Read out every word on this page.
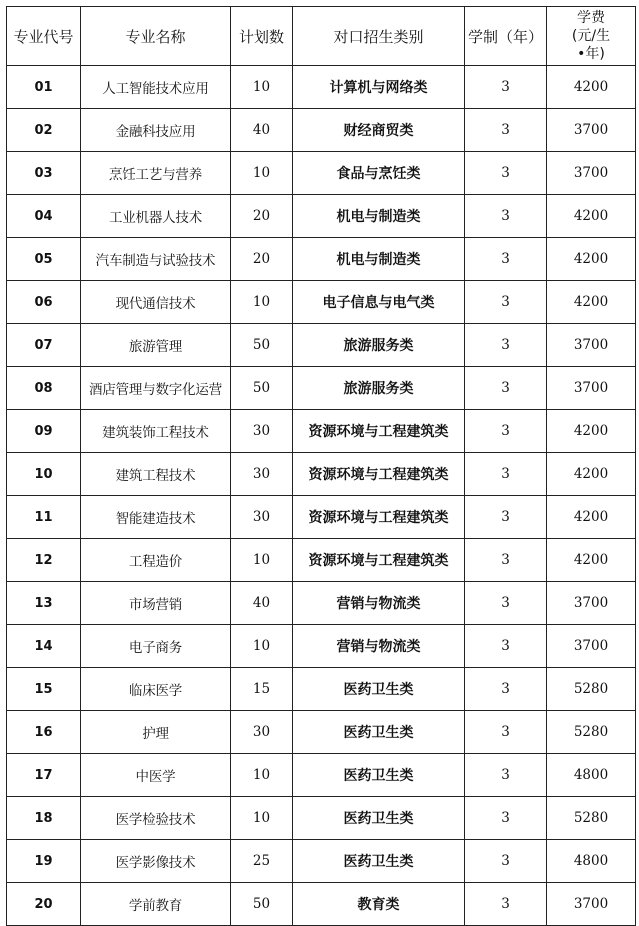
专业代号	专业名称	计划数	对口招生类别	学制（年）	学费
(元/生
•年)

01	人工智能技术应用	10	计算机与网络类	3	4200
02	金融科技应用	40	财经商贸类	3	3700
03	烹饪工艺与营养	10	食品与烹饪类	3	3700
04	工业机器人技术	20	机电与制造类	3	4200
05	汽车制造与试验技术	20	机电与制造类	3	4200
06	现代通信技术	10	电子信息与电气类	3	4200
07	旅游管理	50	旅游服务类	3	3700
08	酒店管理与数字化运营	50	旅游服务类	3	3700
09	建筑装饰工程技术	30	资源环境与工程建筑类	3	4200
10	建筑工程技术	30	资源环境与工程建筑类	3	4200
11	智能建造技术	30	资源环境与工程建筑类	3	4200
12	工程造价	10	资源环境与工程建筑类	3	4200
13	市场营销	40	营销与物流类	3	3700
14	电子商务	10	营销与物流类	3	3700
15	临床医学	15	医药卫生类	3	5280
16	护理	30	医药卫生类	3	5280
17	中医学	10	医药卫生类	3	4800
18	医学检验技术	10	医药卫生类	3	5280
19	医学影像技术	25	医药卫生类	3	4800
20	学前教育	50	教育类	3	3700
